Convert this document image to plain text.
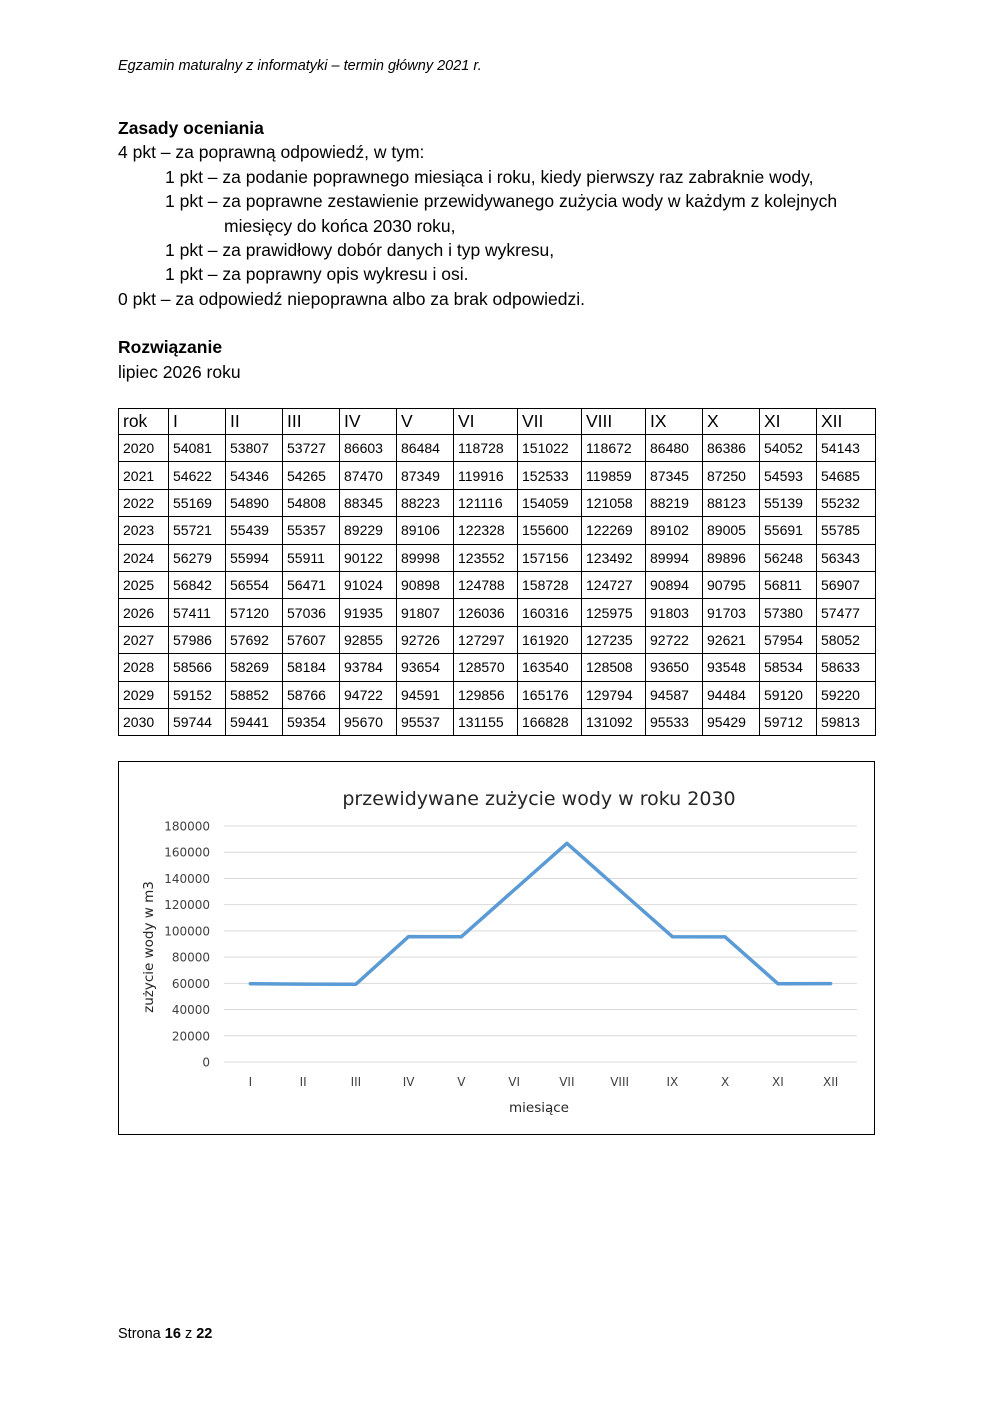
Egzamin maturalny z informatyki – termin główny 2021 r.

Zasady oceniania

4 pkt – za poprawną odpowiedź, w tym:

1 pkt – za podanie poprawnego miesiąca i roku, kiedy pierwszy raz zabraknie wody,

1 pkt – za poprawne zestawienie przewidywanego zużycia wody w każdym z kolejnych miesięcy do końca 2030 roku,

1 pkt – za prawidłowy dobór danych i typ wykresu,

1 pkt – za poprawny opis wykresu i osi.

0 pkt – za odpowiedź niepoprawna albo za brak odpowiedzi.

Rozwiązanie

lipiec 2026 roku

rok	I	II	III	IV	V	VI	VII	VIII	IX	X	XI	XII
2020	54081	53807	53727	86603	86484	118728	151022	118672	86480	86386	54052	54143
2021	54622	54346	54265	87470	87349	119916	152533	119859	87345	87250	54593	54685
2022	55169	54890	54808	88345	88223	121116	154059	121058	88219	88123	55139	55232
2023	55721	55439	55357	89229	89106	122328	155600	122269	89102	89005	55691	55785
2024	56279	55994	55911	90122	89998	123552	157156	123492	89994	89896	56248	56343
2025	56842	56554	56471	91024	90898	124788	158728	124727	90894	90795	56811	56907
2026	57411	57120	57036	91935	91807	126036	160316	125975	91803	91703	57380	57477
2027	57986	57692	57607	92855	92726	127297	161920	127235	92722	92621	57954	58052
2028	58566	58269	58184	93784	93654	128570	163540	128508	93650	93548	58534	58633
2029	59152	58852	58766	94722	94591	129856	165176	129794	94587	94484	59120	59220
2030	59744	59441	59354	95670	95537	131155	166828	131092	95533	95429	59712	59813
przewidywane zużycie wody w roku 2030
0
20000
40000
60000
80000
100000
120000
140000
160000
180000
I	II	III	IV	V	VI	VII	VIII	IX	X	XI	XII
miesiące
zużycie wody w m3
Strona 16 z 22
